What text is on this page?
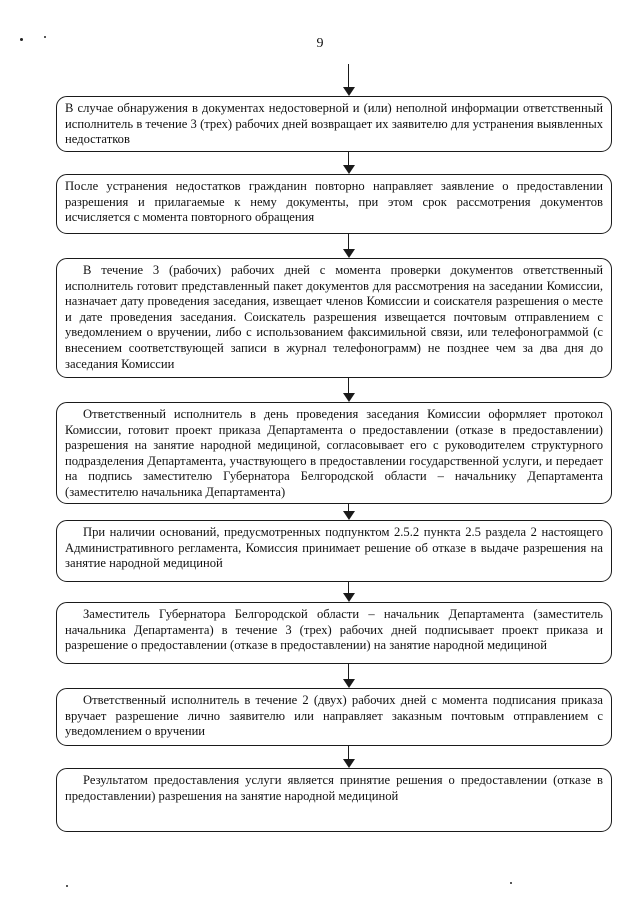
9

В случае обнаружения в документах недостоверной и (или) неполной информации ответственный исполнитель в течение 3 (трех) рабочих дней возвращает их заявителю для устранения выявленных недостатков

После устранения недостатков гражданин повторно направляет заявление о предоставлении разрешения и прилагаемые к нему документы, при этом срок рассмотрения документов исчисляется с момента повторного обращения

В течение 3 (рабочих) рабочих дней с момента проверки документов ответственный исполнитель готовит представленный пакет документов для рассмотрения на заседании Комиссии, назначает дату проведения заседания, извещает членов Комиссии и соискателя разрешения о месте и дате проведения заседания. Соискатель разрешения извещается почтовым отправлением с уведомлением о вручении, либо с использованием факсимильной связи, или телефонограммой (с внесением соответствующей записи в журнал телефонограмм) не позднее чем за два дня до заседания Комиссии

Ответственный исполнитель в день проведения заседания Комиссии оформляет протокол Комиссии, готовит проект приказа Департамента о предоставлении (отказе в предоставлении) разрешения на занятие народной медициной, согласовывает его с руководителем структурного подразделения Департамента, участвующего в предоставлении государственной услуги, и передает на подпись заместителю Губернатора Белгородской области – начальнику Департамента (заместителю начальника Департамента)

При наличии оснований, предусмотренных подпунктом 2.5.2 пункта 2.5 раздела 2 настоящего Административного регламента, Комиссия принимает решение об отказе в выдаче разрешения на занятие народной медициной

Заместитель Губернатора Белгородской области – начальник Департамента (заместитель начальника Департамента) в течение 3 (трех) рабочих дней подписывает проект приказа и разрешение о предоставлении (отказе в предоставлении) на занятие народной медициной

Ответственный исполнитель в течение 2 (двух) рабочих дней с момента подписания приказа вручает разрешение лично заявителю или направляет заказным почтовым отправлением с уведомлением о вручении

Результатом предоставления услуги является принятие решения о предоставлении (отказе в предоставлении) разрешения на занятие народной медициной
